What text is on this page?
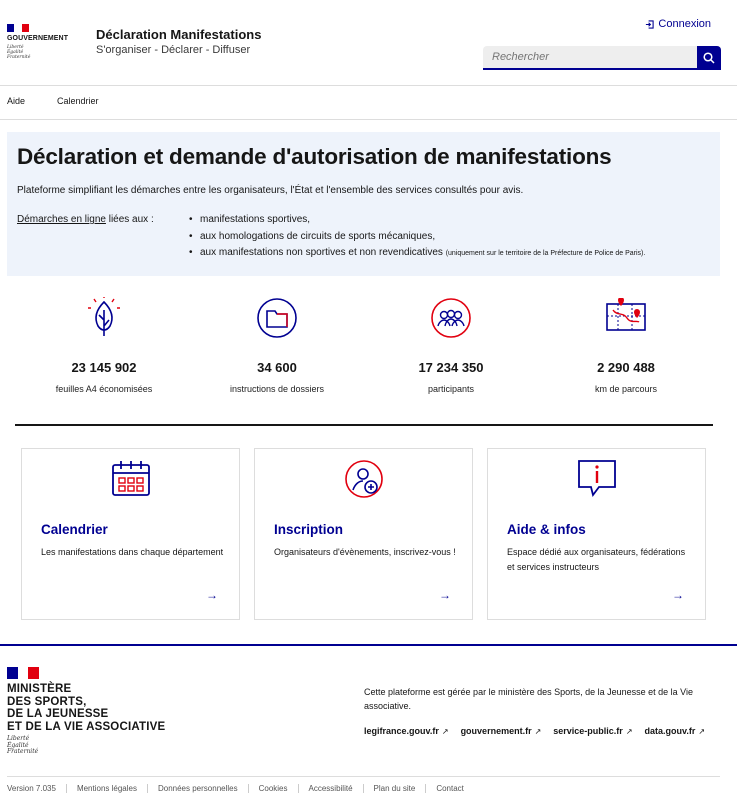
GOUVERNEMENT
Liberté
Égalité
Fraternité
Déclaration Manifestations
S'organiser - Déclarer - Diffuser
Connexion
Rechercher
Aide	Calendrier
Déclaration et demande d'autorisation de manifestations

Plateforme simplifiant les démarches entre les organisateurs, l'État et l'ensemble des services consultés pour avis.

Démarches en ligne liées aux :

•	manifestations sportives,
• aux homologations de circuits de sports mécaniques,
• aux manifestations non sportives et non revendicatives (uniquement sur le territoire de la Préfecture de Police de Paris).
23 145 902
feuilles A4 économisées
34 600
instructions de dossiers
17 234 350
participants
2 290 488
km de parcours
Calendrier
Les manifestations dans chaque département
→
Inscription
Organisateurs d'évènements, inscrivez-vous !
→
Aide & infos
Espace dédié aux organisateurs, fédérations et services instructeurs
→
MINISTÈRE
DES SPORTS,
DE LA JEUNESSE
ET DE LA VIE ASSOCIATIVE
Liberté
Égalité
Fraternité
Cette plateforme est gérée par le ministère des Sports, de la Jeunesse et de la Vie associative.
legifrance.gouv.fr ↗ gouvernement.fr ↗ service-public.fr ↗ data.gouv.fr ↗
Version 7.035	Mentions légales	Données personnelles	Cookies	Accessibilité	Plan du site	Contact
